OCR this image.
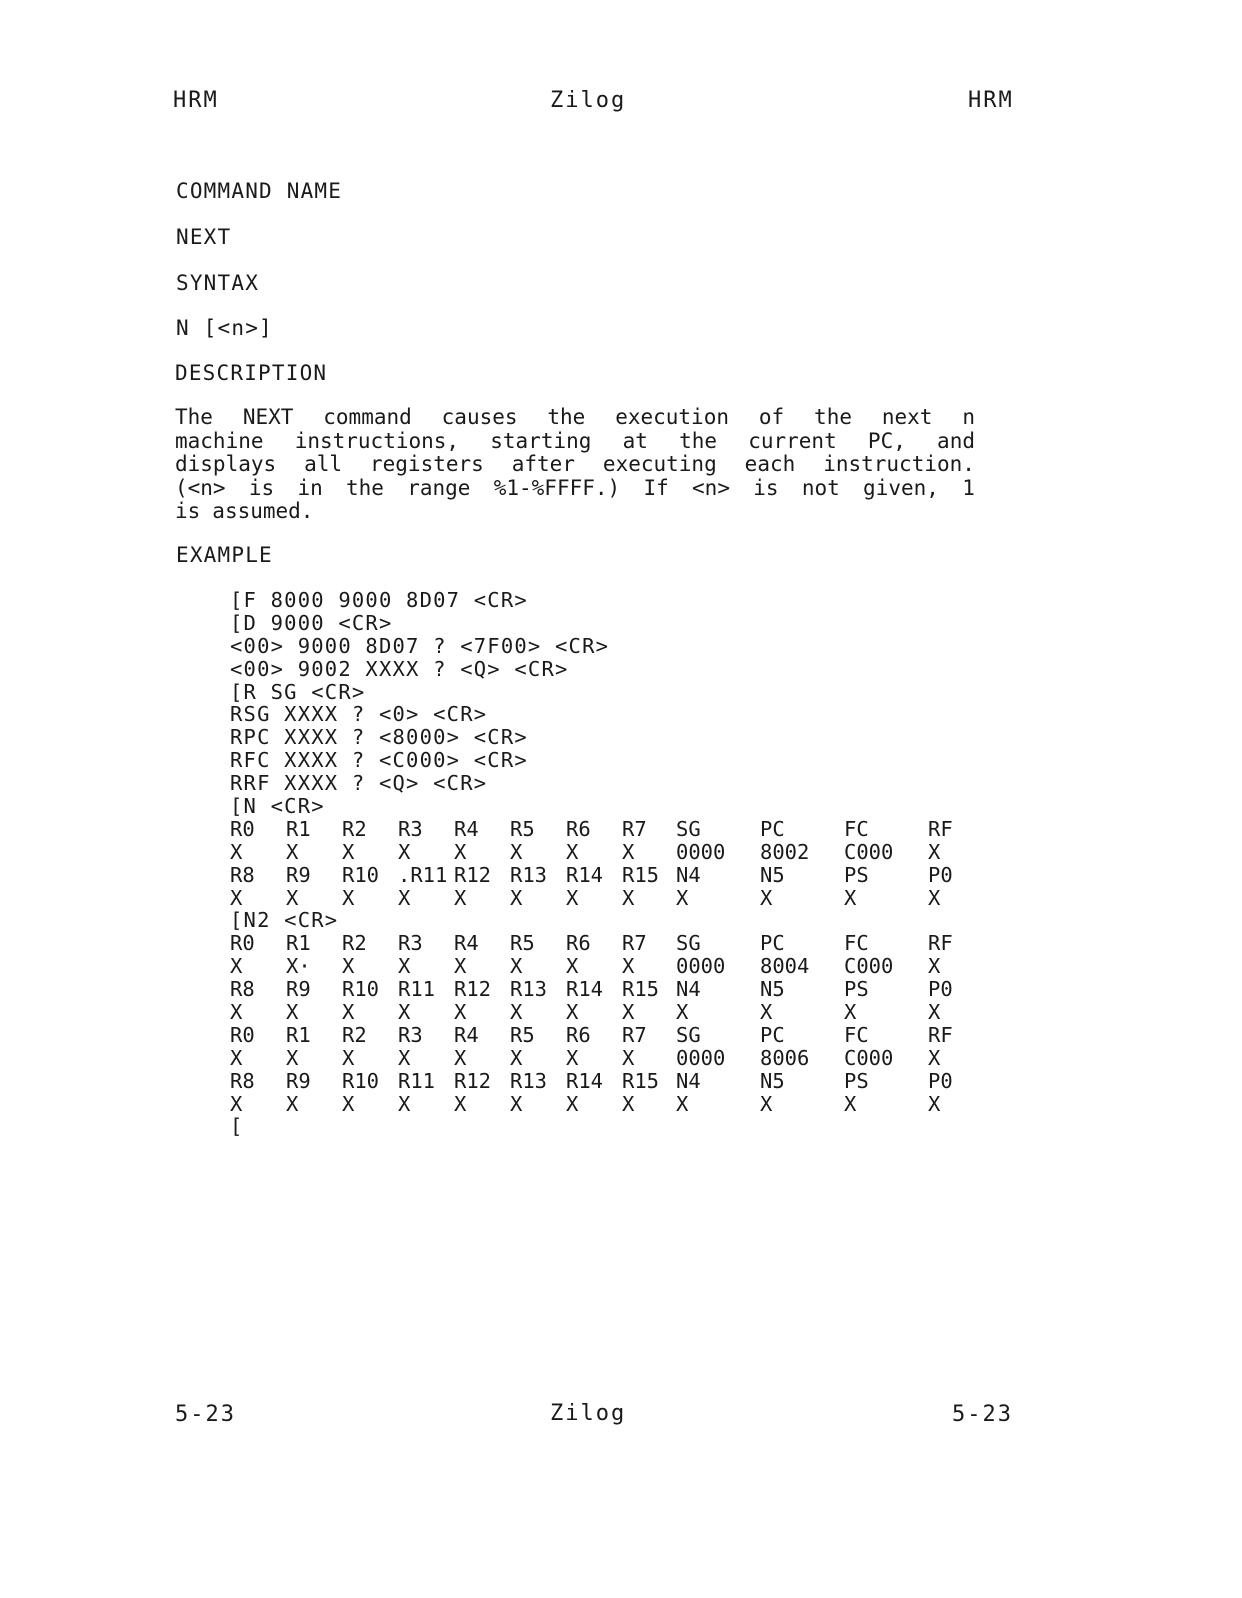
HRM	Zilog	HRM
COMMAND NAME
NEXT
SYNTAX
N [<n>]
DESCRIPTION
The NEXT command causes the execution of the next n
machine instructions, starting at the current PC, and
displays all registers after executing each instruction.
(<n> is in the range %1-%FFFF.) If <n> is not given, 1
is assumed.
EXAMPLE
[F 8000 9000 8D07 <CR>
[D 9000 <CR>
<00> 9000 8D07 ? <7F00> <CR>
<00> 9002 XXXX ? <Q> <CR>
[R SG <CR>
RSG XXXX ? <0> <CR>
RPC XXXX ? <8000> <CR>
RFC XXXX ? <C000> <CR>
RRF XXXX ? <Q> <CR>
[N <CR>
R0 R1 R2 R3 R4 R5 R6 R7 SG	PC	FC	RF
X X X X X X X X 0000 8002 C000 X
R8 R9 R10 .R11 R12 R13 R14 R15 N4	N5	PS	P0
X X X X X X X X X	X	X	X
[N2 <CR>
R0 R1 R2 R3 R4 R5 R6 R7 SG	PC	FC	RF
X X· X X X X X X 0000 8004 C000 X
R8 R9 R10 R11 R12 R13 R14 R15 N4	N5	PS	P0
X X X X X X X X X	X	X	X
R0 R1 R2 R3 R4 R5 R6 R7 SG	PC	FC	RF
X X X X X X X X 0000 8006 C000 X
R8 R9 R10 R11 R12 R13 R14 R15 N4	N5	PS	P0
X X X X X X X X X	X	X	X
[
5-23	Zilog	5-23
